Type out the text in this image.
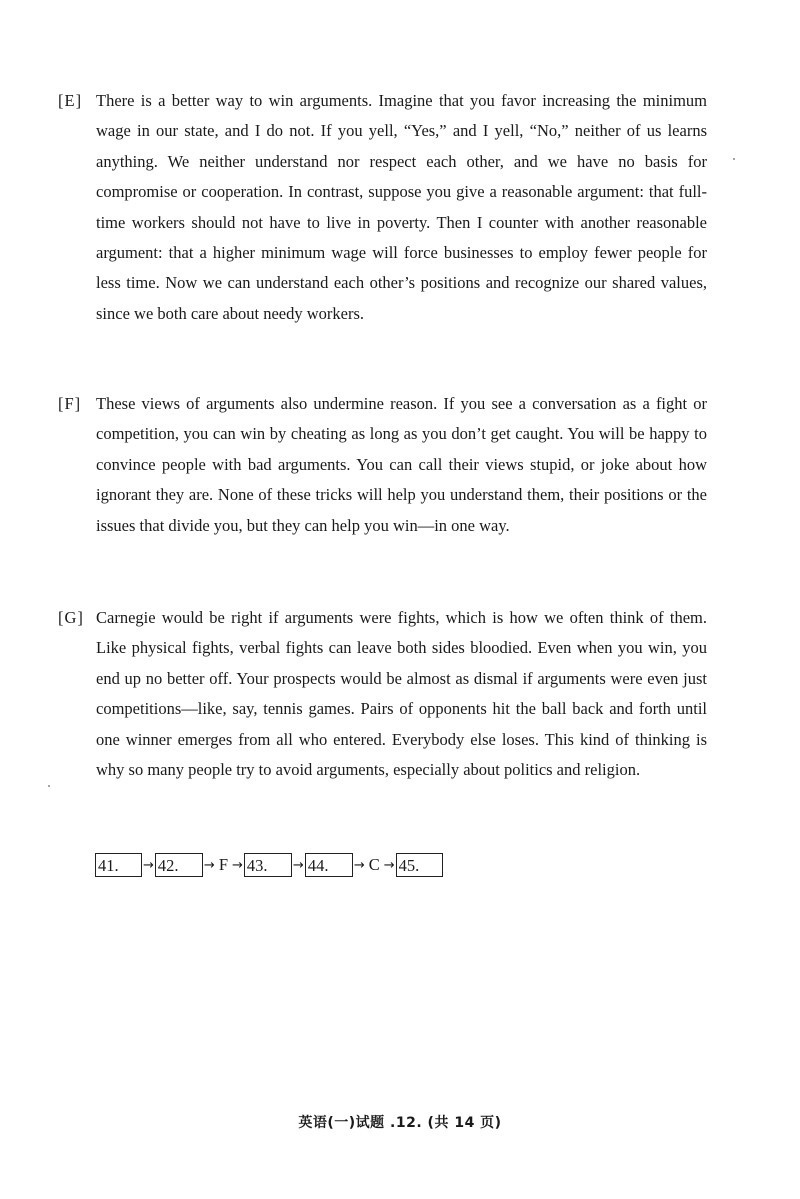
[E] There is a better way to win arguments. Imagine that you favor increasing the minimum wage in our state, and I do not. If you yell, “Yes,” and I yell, “No,” neither of us learns anything. We neither understand nor respect each other, and we have no basis for compromise or cooperation. In contrast, suppose you give a reasonable argument: that full-time workers should not have to live in poverty. Then I counter with another reasonable argument: that a higher minimum wage will force businesses to employ fewer people for less time. Now we can understand each other’s positions and recognize our shared values, since we both care about needy workers.
[F] These views of arguments also undermine reason. If you see a conversation as a fight or competition, you can win by cheating as long as you don’t get caught. You will be happy to convince people with bad arguments. You can call their views stupid, or joke about how ignorant they are. None of these tricks will help you understand them, their positions or the issues that divide you, but they can help you win—in one way.
[G] Carnegie would be right if arguments were fights, which is how we often think of them. Like physical fights, verbal fights can leave both sides bloodied. Even when you win, you end up no better off. Your prospects would be almost as dismal if arguments were even just competitions—like, say, tennis games. Pairs of opponents hit the ball back and forth until one winner emerges from all who entered. Everybody else loses. This kind of thinking is why so many people try to avoid arguments, especially about politics and religion.
41.	→ 42.	→ F → 43.	→ 44.	→ C → 45.
英语(一)试题 .12. (共 14 页)
